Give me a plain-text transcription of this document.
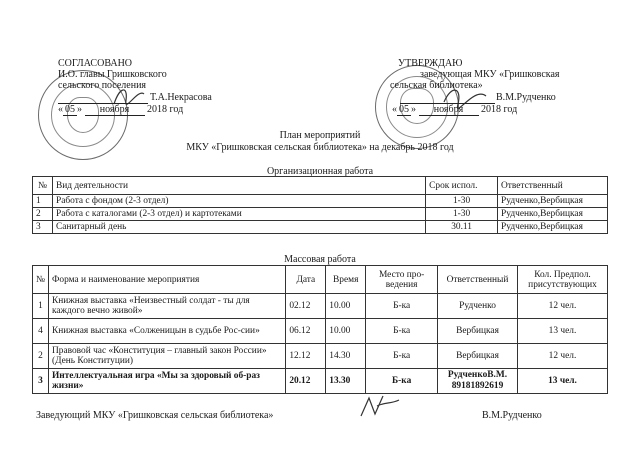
СОГЛАСОВАНО
И.О. главы Гришковского
сельского поселения
Т.А.Некрасова
« 05 » ноября 2018 год
УТВЕРЖДАЮ
заведующая МКУ «Гришковская
сельская библиотека»
В.М.Рудченко
« 05 » ноября 2018 год
План мероприятий
МКУ «Гришковская сельская библиотека» на декабрь 2018 год
Организационная работа
№	Вид деятельности	Срок испол.	Ответственный
1	Работа с фондом (2-3 отдел)	1-30	Рудченко,Вербицкая
2	Работа с каталогами (2-3 отдел) и картотеками	1-30	Рудченко,Вербицкая
3	Санитарный день	30.11	Рудченко,Вербицкая
Массовая работа
№	Форма и наименование мероприятия	Дата	Время	Место про-ведения	Ответственный	Кол. Предпол. присутствующих
1	Книжная выставка «Неизвестный солдат - ты для каждого вечно живой»	02.12	10.00	Б-ка	Рудченко	12 чел.
4	Книжная выставка «Солженицын в судьбе Рос-сии»	06.12	10.00	Б-ка	Вербицкая	13 чел.
2	Правовой час «Конституция – главный закон России» (День Конституции)	12.12	14.30	Б-ка	Вербицкая	12 чел.
3	Интеллектуальная игра «Мы за здоровый об-раз жизни»	20.12	13.30	Б-ка	РудченкоВ.М. 89181892619	13 чел.
Заведующий МКУ «Гришковская сельская библиотека»	В.М.Рудченко
